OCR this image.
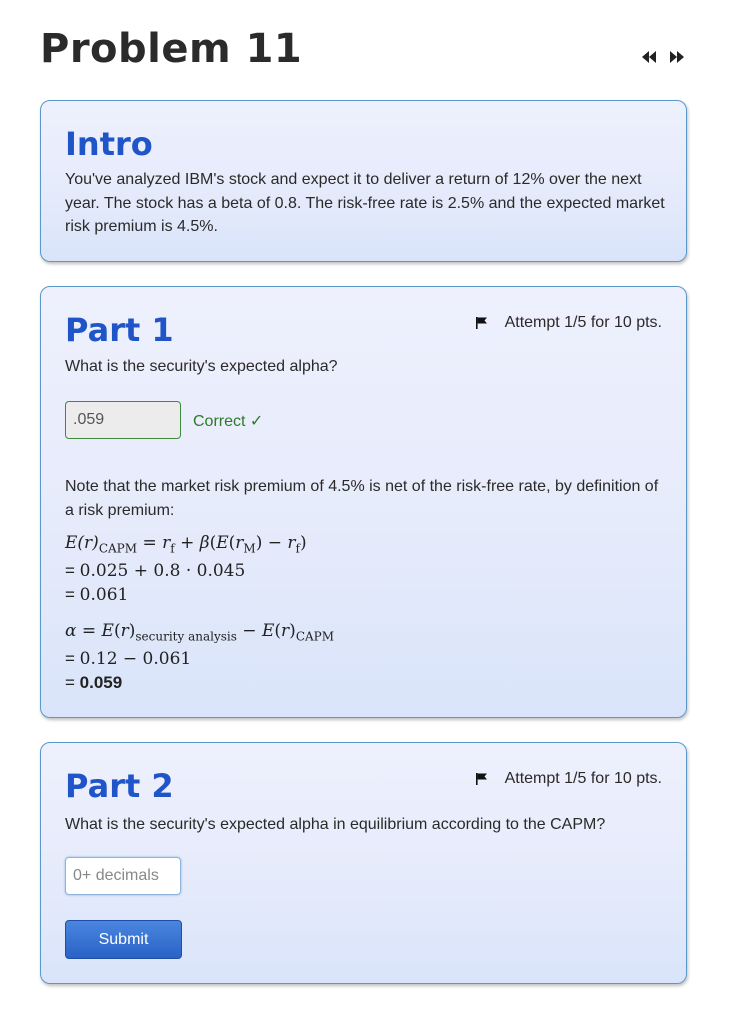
Problem 11
Intro

You've analyzed IBM's stock and expect it to deliver a return of 12% over the next year. The stock has a beta of 0.8. The risk-free rate is 2.5% and the expected market risk premium is 4.5%.

Part 1	Attempt 1/5 for 10 pts.

What is the security's expected alpha?

.059	Correct ✓

Note that the market risk premium of 4.5% is net of the risk-free rate, by definition of a risk premium:

$E(r)_{CAPM} = r_f + \beta(E(r_M) - r_f)$
= 0.025 + 0.8 · 0.045
= 0.061
$\alpha = E(r)_{security analysis} - E(r)_{CAPM}$
= 0.12 − 0.061
= 0.059
Part 2	Attempt 1/5 for 10 pts.

What is the security's expected alpha in equilibrium according to the CAPM?

0+ decimals
Submit
